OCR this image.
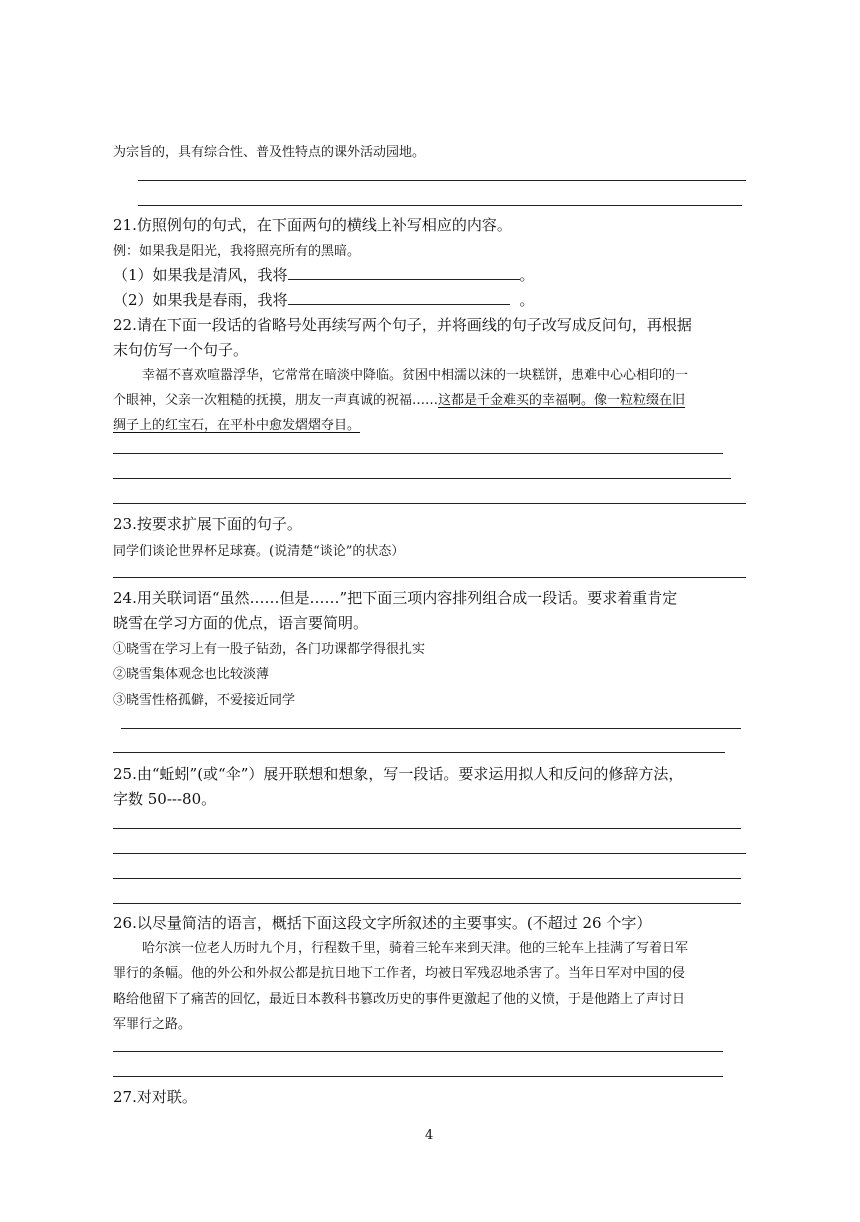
为宗旨的，具有综合性、普及性特点的课外活动园地。
21.仿照例句的句式，在下面两句的横线上补写相应的内容。
例：如果我是阳光，我将照亮所有的黑暗。
（1）如果我是清风，我将	。
（2）如果我是春雨，我将	。
22.请在下面一段话的省略号处再续写两个句子，并将画线的句子改写成反问句，再根据
末句仿写一个句子。
幸福不喜欢喧嚣浮华，它常常在暗淡中降临。贫困中相濡以沫的一块糕饼，患难中心心相印的一
个眼神，父亲一次粗糙的抚摸，朋友一声真诚的祝福……这都是千金难买的幸福啊。像一粒粒缀在旧
绸子上的红宝石，在平朴中愈发熠熠夺目。
23.按要求扩展下面的句子。
同学们谈论世界杯足球赛。(说清楚“谈论”的状态）
24.用关联词语“虽然……但是……”把下面三项内容排列组合成一段话。要求着重肯定
晓雪在学习方面的优点，语言要简明。
①晓雪在学习上有一股子钻劲，各门功课都学得很扎实
②晓雪集体观念也比较淡薄
③晓雪性格孤僻，不爱接近同学
25.由“蚯蚓”(或“伞”）展开联想和想象，写一段话。要求运用拟人和反问的修辞方法，
字数 50---80。
26.以尽量简洁的语言，概括下面这段文字所叙述的主要事实。(不超过 26 个字）
哈尔滨一位老人历时九个月，行程数千里，骑着三轮车来到天津。他的三轮车上挂满了写着日军
罪行的条幅。他的外公和外叔公都是抗日地下工作者，均被日军残忍地杀害了。当年日军对中国的侵
略给他留下了痛苦的回忆，最近日本教科书篡改历史的事件更激起了他的义愤，于是他踏上了声讨日
军罪行之路。
27.对对联。
4
